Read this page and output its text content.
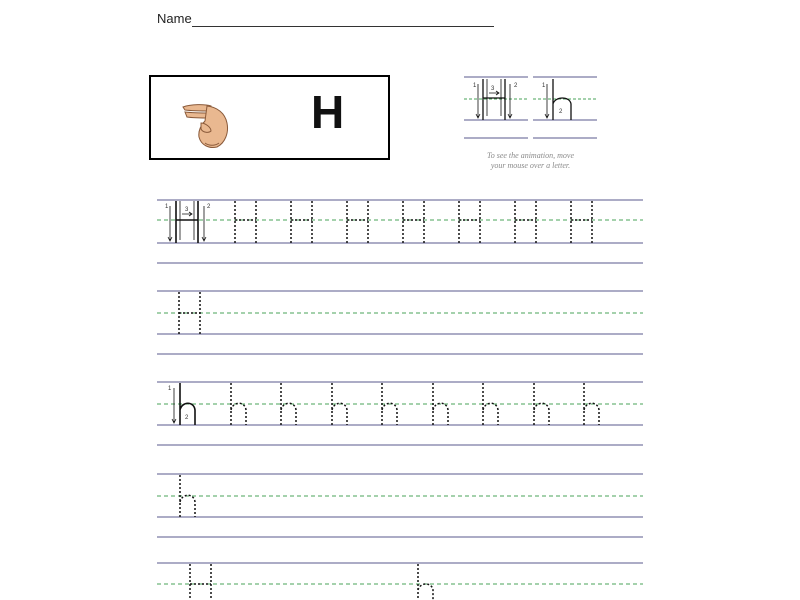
Name
H	1	2
3	1
2
1	2
3
1
2
To see the animation, move
your mouse over a letter.
